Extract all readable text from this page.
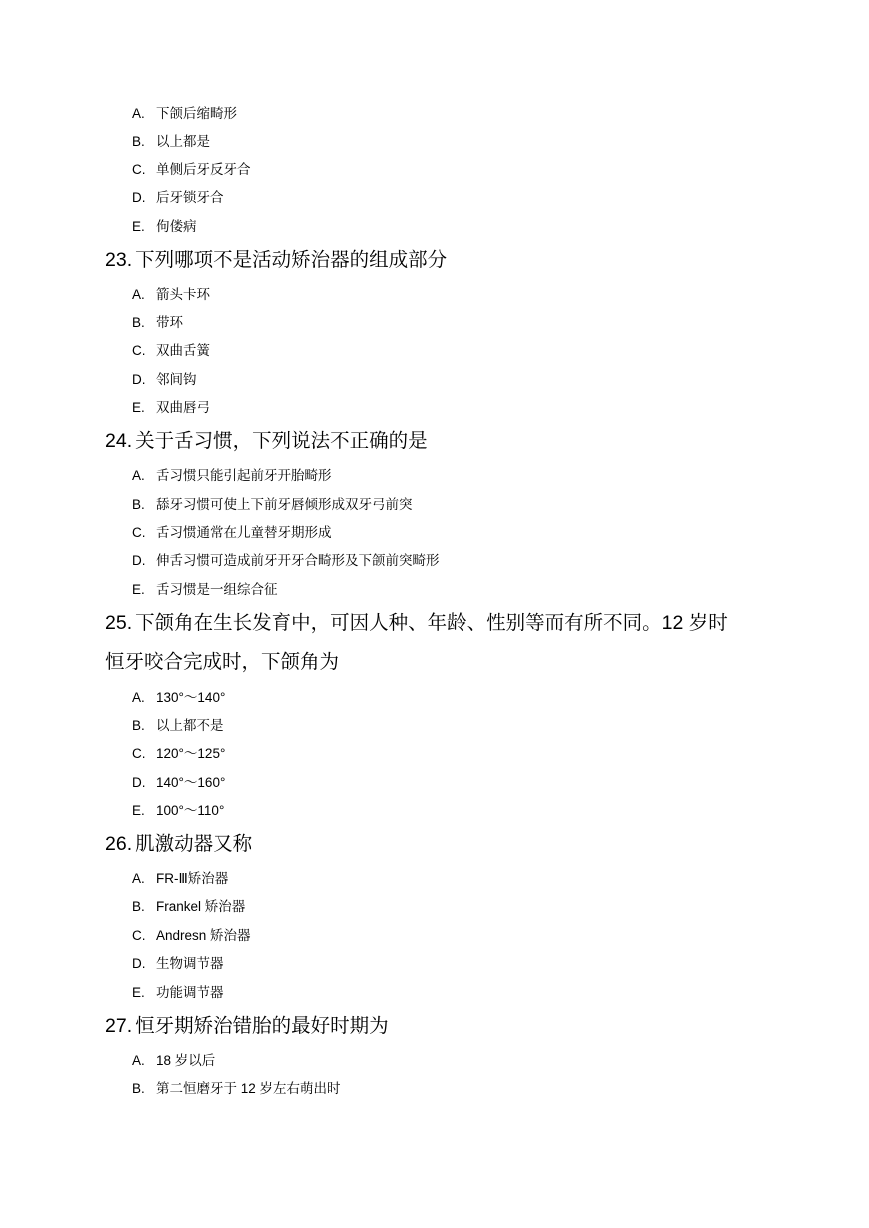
A. 下颌后缩畸形
B. 以上都是
C. 单侧后牙反牙合
D. 后牙锁牙合
E. 佝偻病
23. 下列哪项不是活动矫治器的组成部分
A. 箭头卡环
B. 带环
C. 双曲舌簧
D. 邻间钩
E. 双曲唇弓
24. 关于舌习惯，下列说法不正确的是
A. 舌习惯只能引起前牙开胎畸形
B. 舔牙习惯可使上下前牙唇倾形成双牙弓前突
C. 舌习惯通常在儿童替牙期形成
D. 伸舌习惯可造成前牙开牙合畸形及下颌前突畸形
E. 舌习惯是一组综合征
25. 下颌角在生长发育中，可因人种、年龄、性别等而有所不同。12 岁时
恒牙咬合完成时，下颌角为
A. 130°～140°
B. 以上都不是
C. 120°～125°
D. 140°～160°
E. 100°～110°
26. 肌激动器又称
A. FR-Ⅲ矫治器
B. Frankel 矫治器
C. Andresn 矫治器
D. 生物调节器
E. 功能调节器
27. 恒牙期矫治错胎的最好时期为
A. 18 岁以后
B. 第二恒磨牙于 12 岁左右萌出时
